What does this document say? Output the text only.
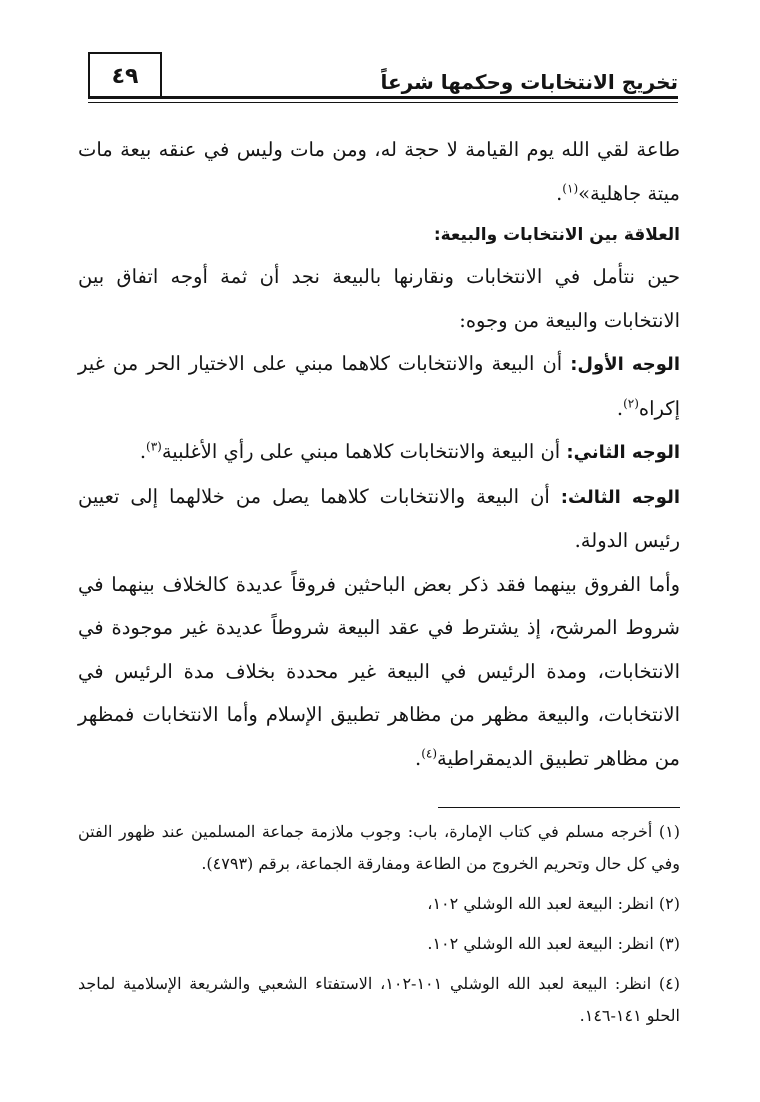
تخريج الانتخابات وحكمها شرعاً
٤٩

طاعة لقي الله يوم القيامة لا حجة له، ومن مات وليس في عنقه بيعة مات ميتة جاهلية»$^{(١)}$.

العلاقة بين الانتخابات والبيعة:

حين نتأمل في الانتخابات ونقارنها بالبيعة نجد أن ثمة أوجه اتفاق بين الانتخابات والبيعة من وجوه:

الوجه الأول: أن البيعة والانتخابات كلاهما مبني على الاختيار الحر من غير إكراه$^{(٢)}$.

الوجه الثاني: أن البيعة والانتخابات كلاهما مبني على رأي الأغلبية$^{(٣)}$.

الوجه الثالث: أن البيعة والانتخابات كلاهما يصل من خلالهما إلى تعيين رئيس الدولة.

وأما الفروق بينهما فقد ذكر بعض الباحثين فروقاً عديدة كالخلاف بينهما في شروط المرشح، إذ يشترط في عقد البيعة شروطاً عديدة غير موجودة في الانتخابات، ومدة الرئيس في البيعة غير محددة بخلاف مدة الرئيس في الانتخابات، والبيعة مظهر من مظاهر تطبيق الإسلام وأما الانتخابات فمظهر من مظاهر تطبيق الديمقراطية$^{(٤)}$.

(١) أخرجه مسلم في كتاب الإمارة، باب: وجوب ملازمة جماعة المسلمين عند ظهور الفتن وفي كل حال وتحريم الخروج من الطاعة ومفارقة الجماعة، برقم (٤٧٩٣).

(٢) انظر: البيعة لعبد الله الوشلي ١٠٢،

(٣) انظر: البيعة لعبد الله الوشلي ١٠٢.

(٤) انظر: البيعة لعبد الله الوشلي ١٠١-١٠٢، الاستفتاء الشعبي والشريعة الإسلامية لماجد الحلو ١٤١-١٤٦.
